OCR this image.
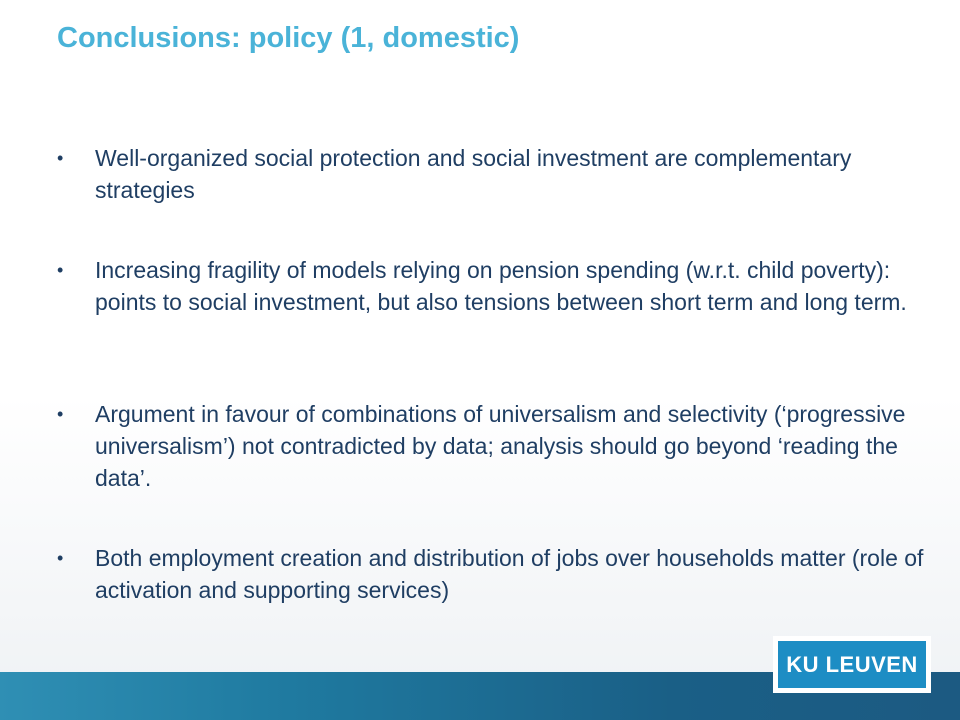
Conclusions: policy (1, domestic)
•	Well-organized social protection and social investment are complementary strategies
•	Increasing fragility of models relying on pension spending (w.r.t. child poverty): points to social investment, but also tensions between short term and long term.
•	Argument in favour of combinations of universalism and selectivity (‘progressive universalism’) not contradicted by data; analysis should go beyond ‘reading the data’.
•	Both employment creation and distribution of jobs over households matter (role of activation and supporting services)
KU LEUVEN
